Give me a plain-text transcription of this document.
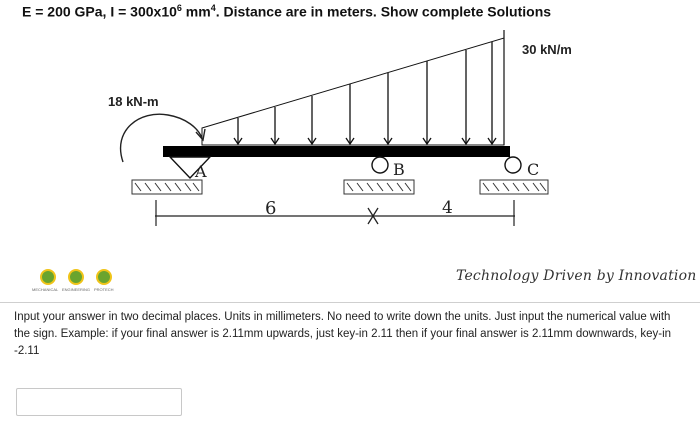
E = 200 GPa, $I = 300x10^6$ $mm^4$. Distance are in meters. Show complete Solutions
18 kN-m
30 kN/m
A	B	C
6	4
MECHANICAL ENGINEERING PROTECH
Technology Driven by Innovation
Input your answer in two decimal places. Units in millimeters. No need to write down the units. Just input the numerical value with the sign. Example: if your final answer is 2.11mm upwards, just key-in 2.11 then if your final answer is 2.11mm downwards, key-in -2.11
